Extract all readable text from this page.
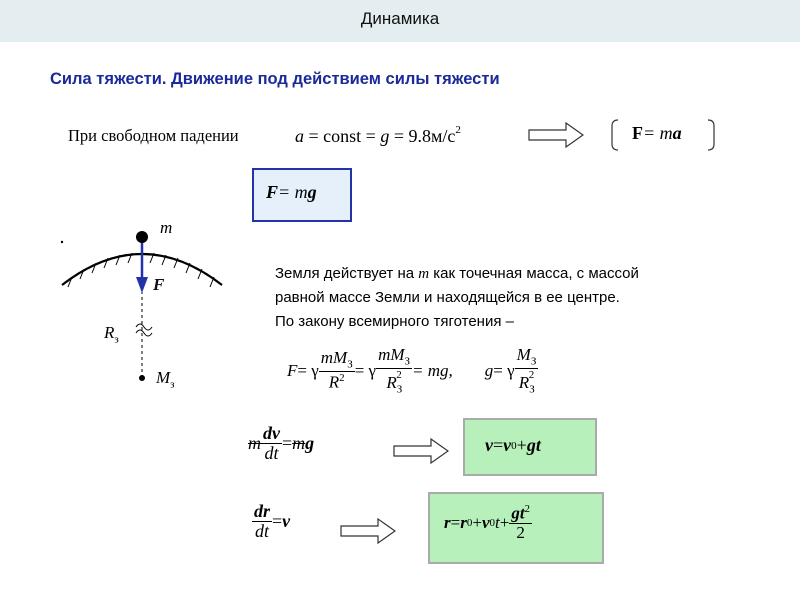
Динамика
Сила тяжести. Движение под действием силы тяжести
При свободном падении	a = const = $g = 9.8м/с^2$	F = m a
F = m g
m
F
$R_з$
$M_з$
Земля действует на m как точечная масса, с массой
равной массе Земли и находящейся в ее центре.
По закону всемирного тяготения –
F = γ $\frac{mM_З}{R^2} = \gamma \frac{mM_З}{R_З^2}$ = mg, g = γ $\frac{M_З}{R_З^2}$
m $\frac{dv}{dt} = m$ g	v = v 0 + gt
$\frac{dr}{dt} = v$	r = r 0 + v 0 $t + \frac{gt^2}{2}$
